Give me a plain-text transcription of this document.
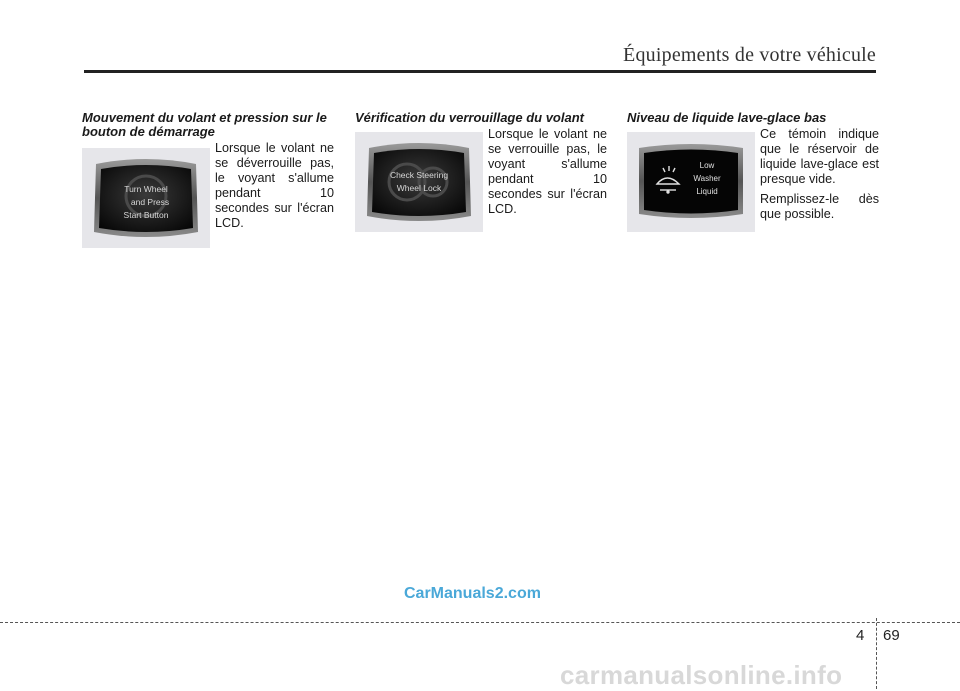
Équipements de votre véhicule
Mouvement du volant et pression sur le bouton de démarrage
Turn Wheel
and Press
Start Button

Lorsque le volant ne se déverrouille pas, le voyant s'allume pendant 10 secondes sur l'écran LCD.

Vérification du verrouillage du volant
Check Steering
Wheel Lock

Lorsque le volant ne se verrouille pas, le voyant s'allume pendant 10 secondes sur l'écran LCD.

Niveau de liquide lave-glace bas
Low
Washer
Liquid

Ce témoin indique que le réservoir de liquide lave-glace est presque vide.

Remplissez-le dès que possible.

CarManuals2.com
4 69
carmanualsonline.info
